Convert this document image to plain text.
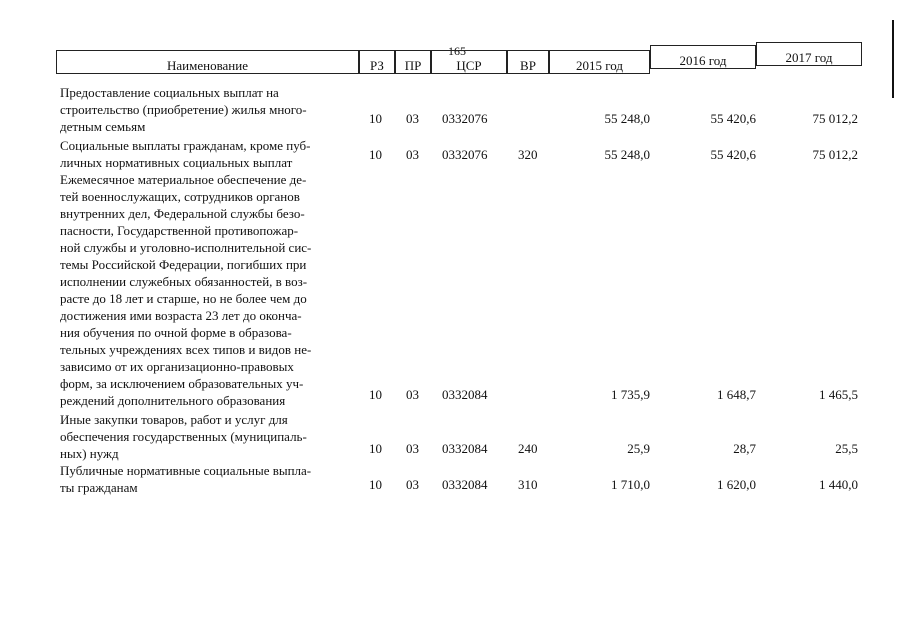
165
Наименование	РЗ	ПР	ЦСР	ВР	2015 год	2016 год	2017 год
Предоставление социальных выплат на
строительство (приобретение) жилья много-
детным семьям
10 03 0332076	55 248,0	55 420,6	75 012,2
Социальные выплаты гражданам, кроме пуб-
личных нормативных социальных выплат
10 03 0332076 320	55 248,0	55 420,6	75 012,2
Ежемесячное материальное обеспечение де-
тей военнослужащих, сотрудников органов
внутренних дел, Федеральной службы безо-
пасности, Государственной противопожар-
ной службы и уголовно-исполнительной сис-
темы Российской Федерации, погибших при
исполнении служебных обязанностей, в воз-
расте до 18 лет и старше, но не более чем до
достижения ими возраста 23 лет до оконча-
ния обучения по очной форме в образова-
тельных учреждениях всех типов и видов не-
зависимо от их организационно-правовых
форм, за исключением образовательных уч-
реждений дополнительного образования	10 03 0332084	1 735,9	1 648,7	1 465,5
Иные закупки товаров, работ и услуг для
обеспечения государственных (муниципаль-
ных) нужд	10 03 0332084 240	25,9	28,7	25,5
Публичные нормативные социальные выпла-
ты гражданам	10 03 0332084 310	1 710,0	1 620,0	1 440,0
